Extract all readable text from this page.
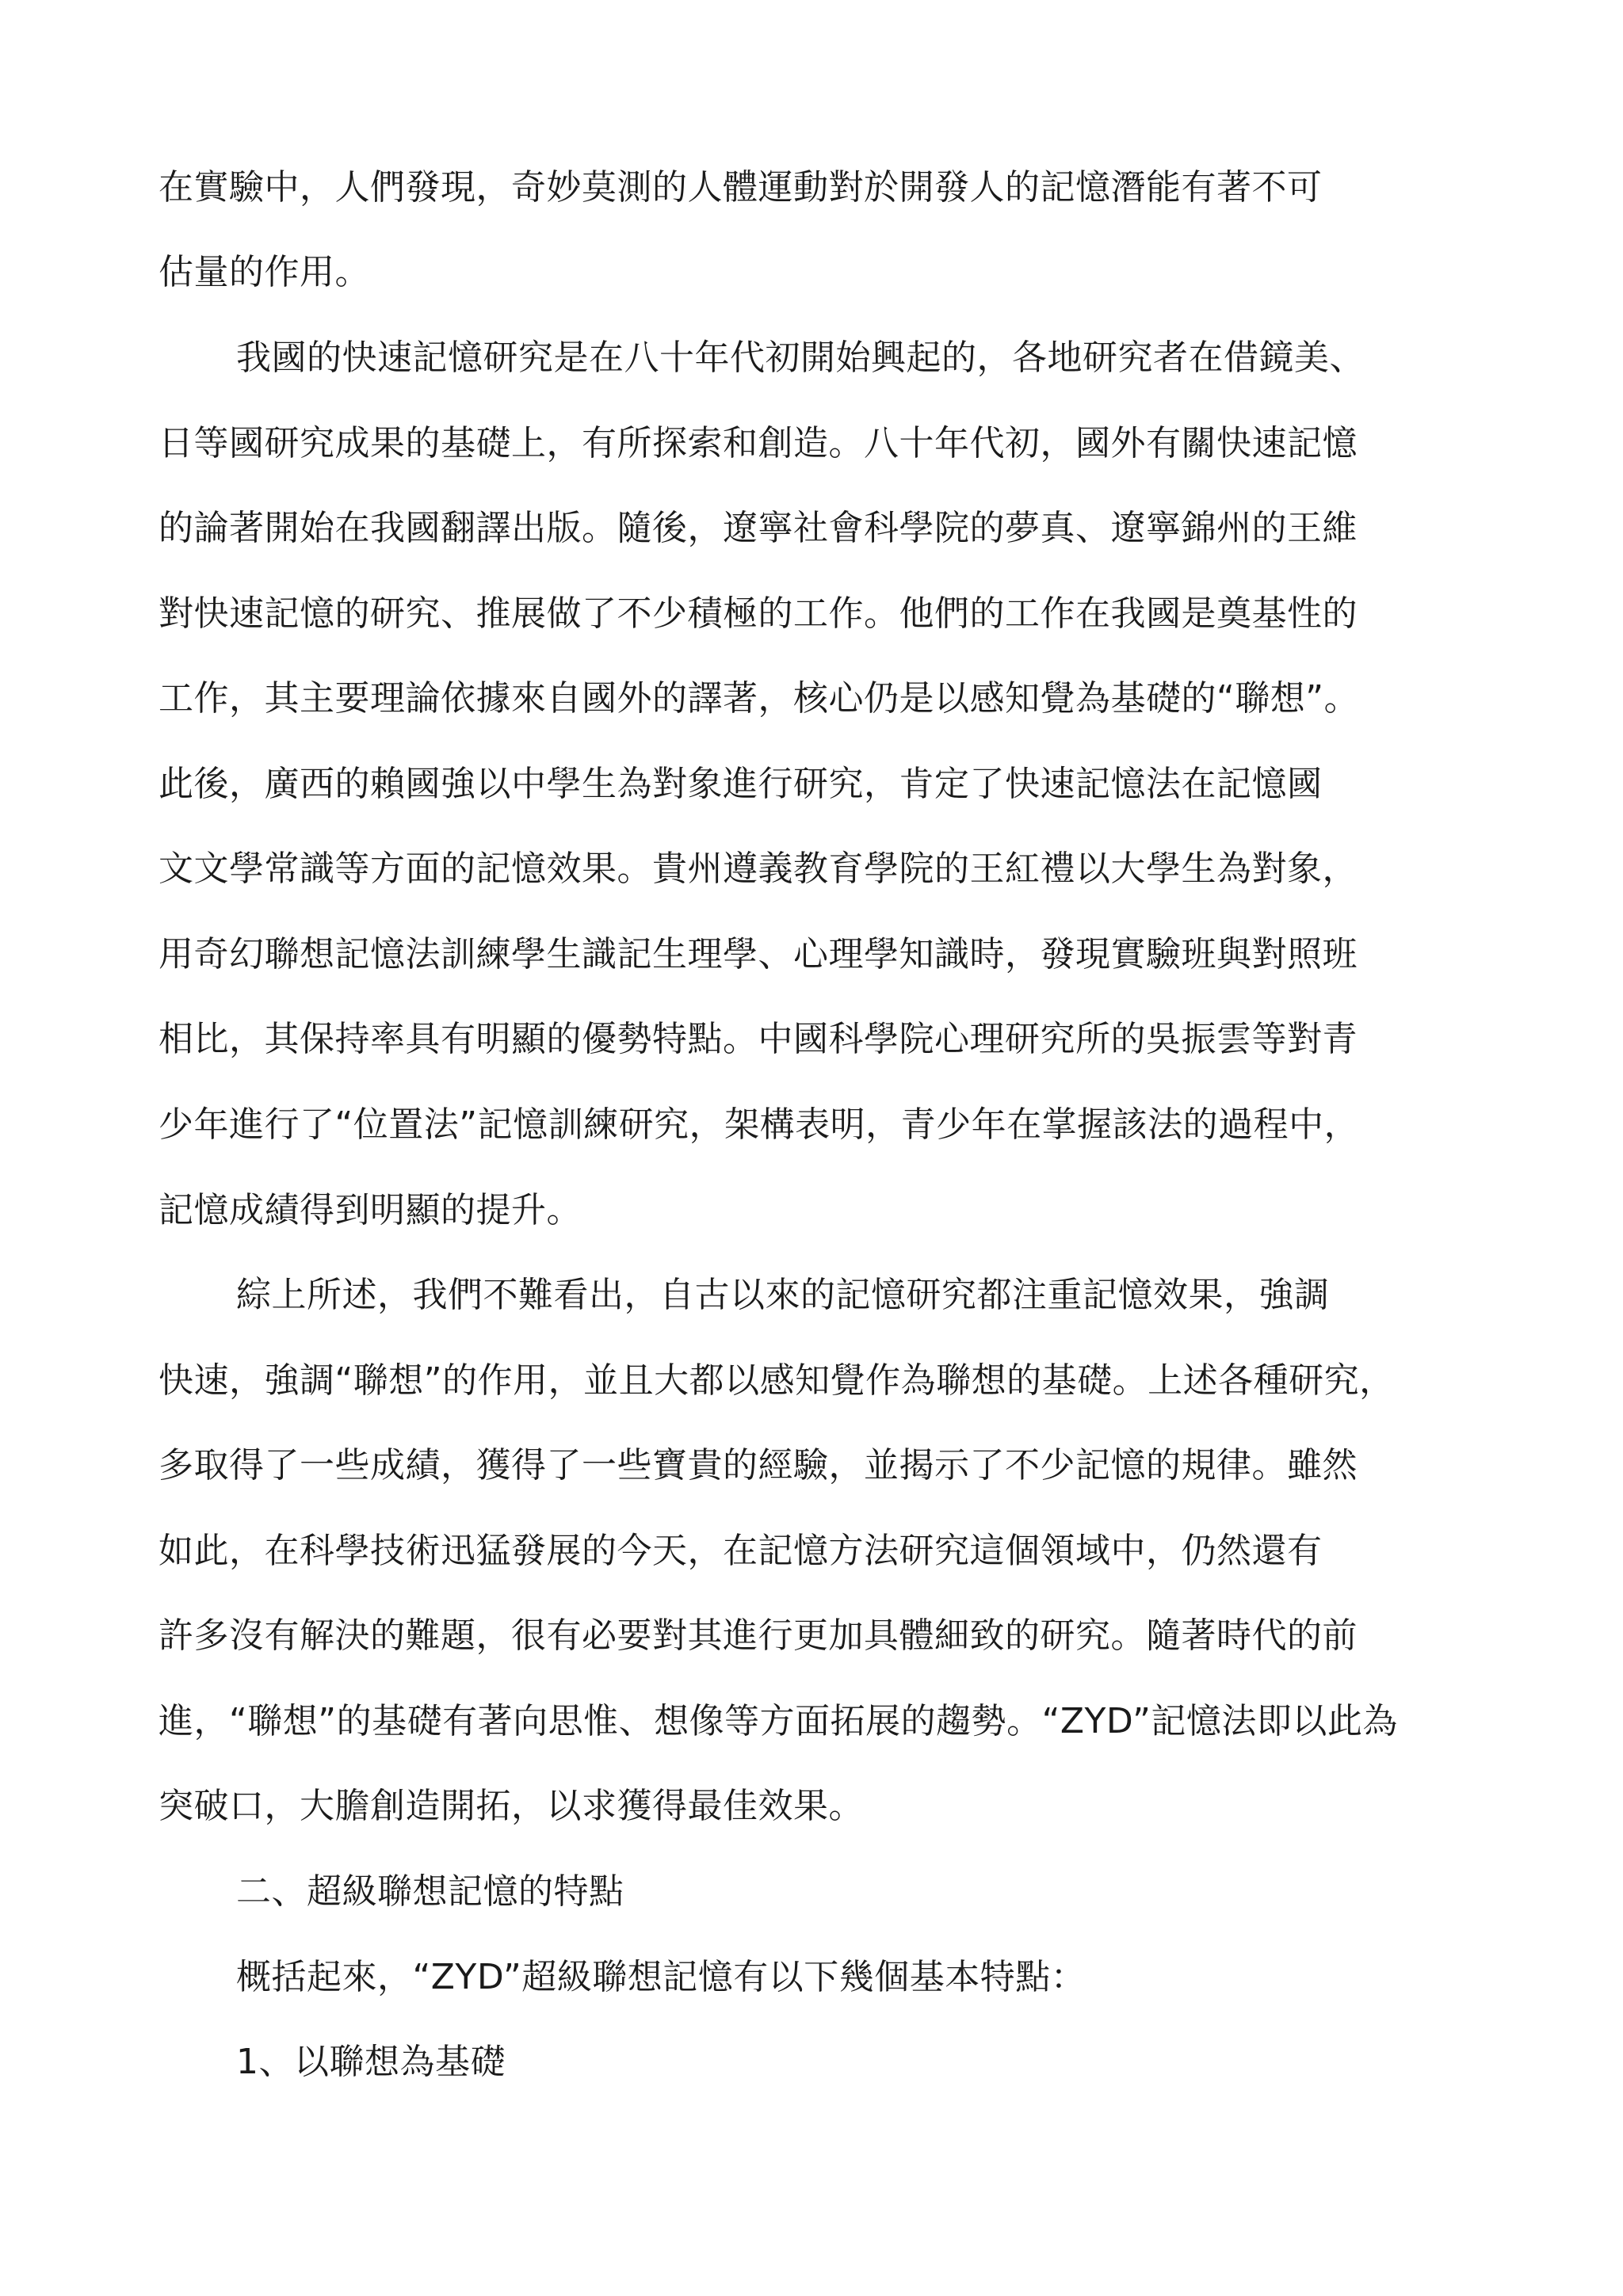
在實驗中，人們發現，奇妙莫測的人體運動對於開發人的記憶潛能有著不可
估量的作用。
我國的快速記憶研究是在八十年代初開始興起的，各地研究者在借鏡美、
日等國研究成果的基礎上，有所探索和創造。八十年代初，國外有關快速記憶
的論著開始在我國翻譯出版。隨後，遼寧社會科學院的夢真、遼寧錦州的王維
對快速記憶的研究、推展做了不少積極的工作。他們的工作在我國是奠基性的
工作，其主要理論依據來自國外的譯著，核心仍是以感知覺為基礎的“聯想”。
此後，廣西的賴國強以中學生為對象進行研究，肯定了快速記憶法在記憶國
文文學常識等方面的記憶效果。貴州遵義教育學院的王紅禮以大學生為對象，
用奇幻聯想記憶法訓練學生識記生理學、心理學知識時，發現實驗班與對照班
相比，其保持率具有明顯的優勢特點。中國科學院心理研究所的吳振雲等對青
少年進行了“位置法”記憶訓練研究，架構表明，青少年在掌握該法的過程中，
記憶成績得到明顯的提升。
綜上所述，我們不難看出，自古以來的記憶研究都注重記憶效果，強調
快速，強調“聯想”的作用，並且大都以感知覺作為聯想的基礎。上述各種研究，
多取得了一些成績，獲得了一些寶貴的經驗，並揭示了不少記憶的規律。雖然
如此，在科學技術迅猛發展的今天，在記憶方法研究這個領域中，仍然還有
許多沒有解決的難題，很有必要對其進行更加具體細致的研究。隨著時代的前
進，“聯想”的基礎有著向思惟、想像等方面拓展的趨勢。“ZYD”記憶法即以此為
突破口，大膽創造開拓，以求獲得最佳效果。
二、超級聯想記憶的特點
概括起來，“ZYD”超級聯想記憶有以下幾個基本特點：
1、以聯想為基礎
